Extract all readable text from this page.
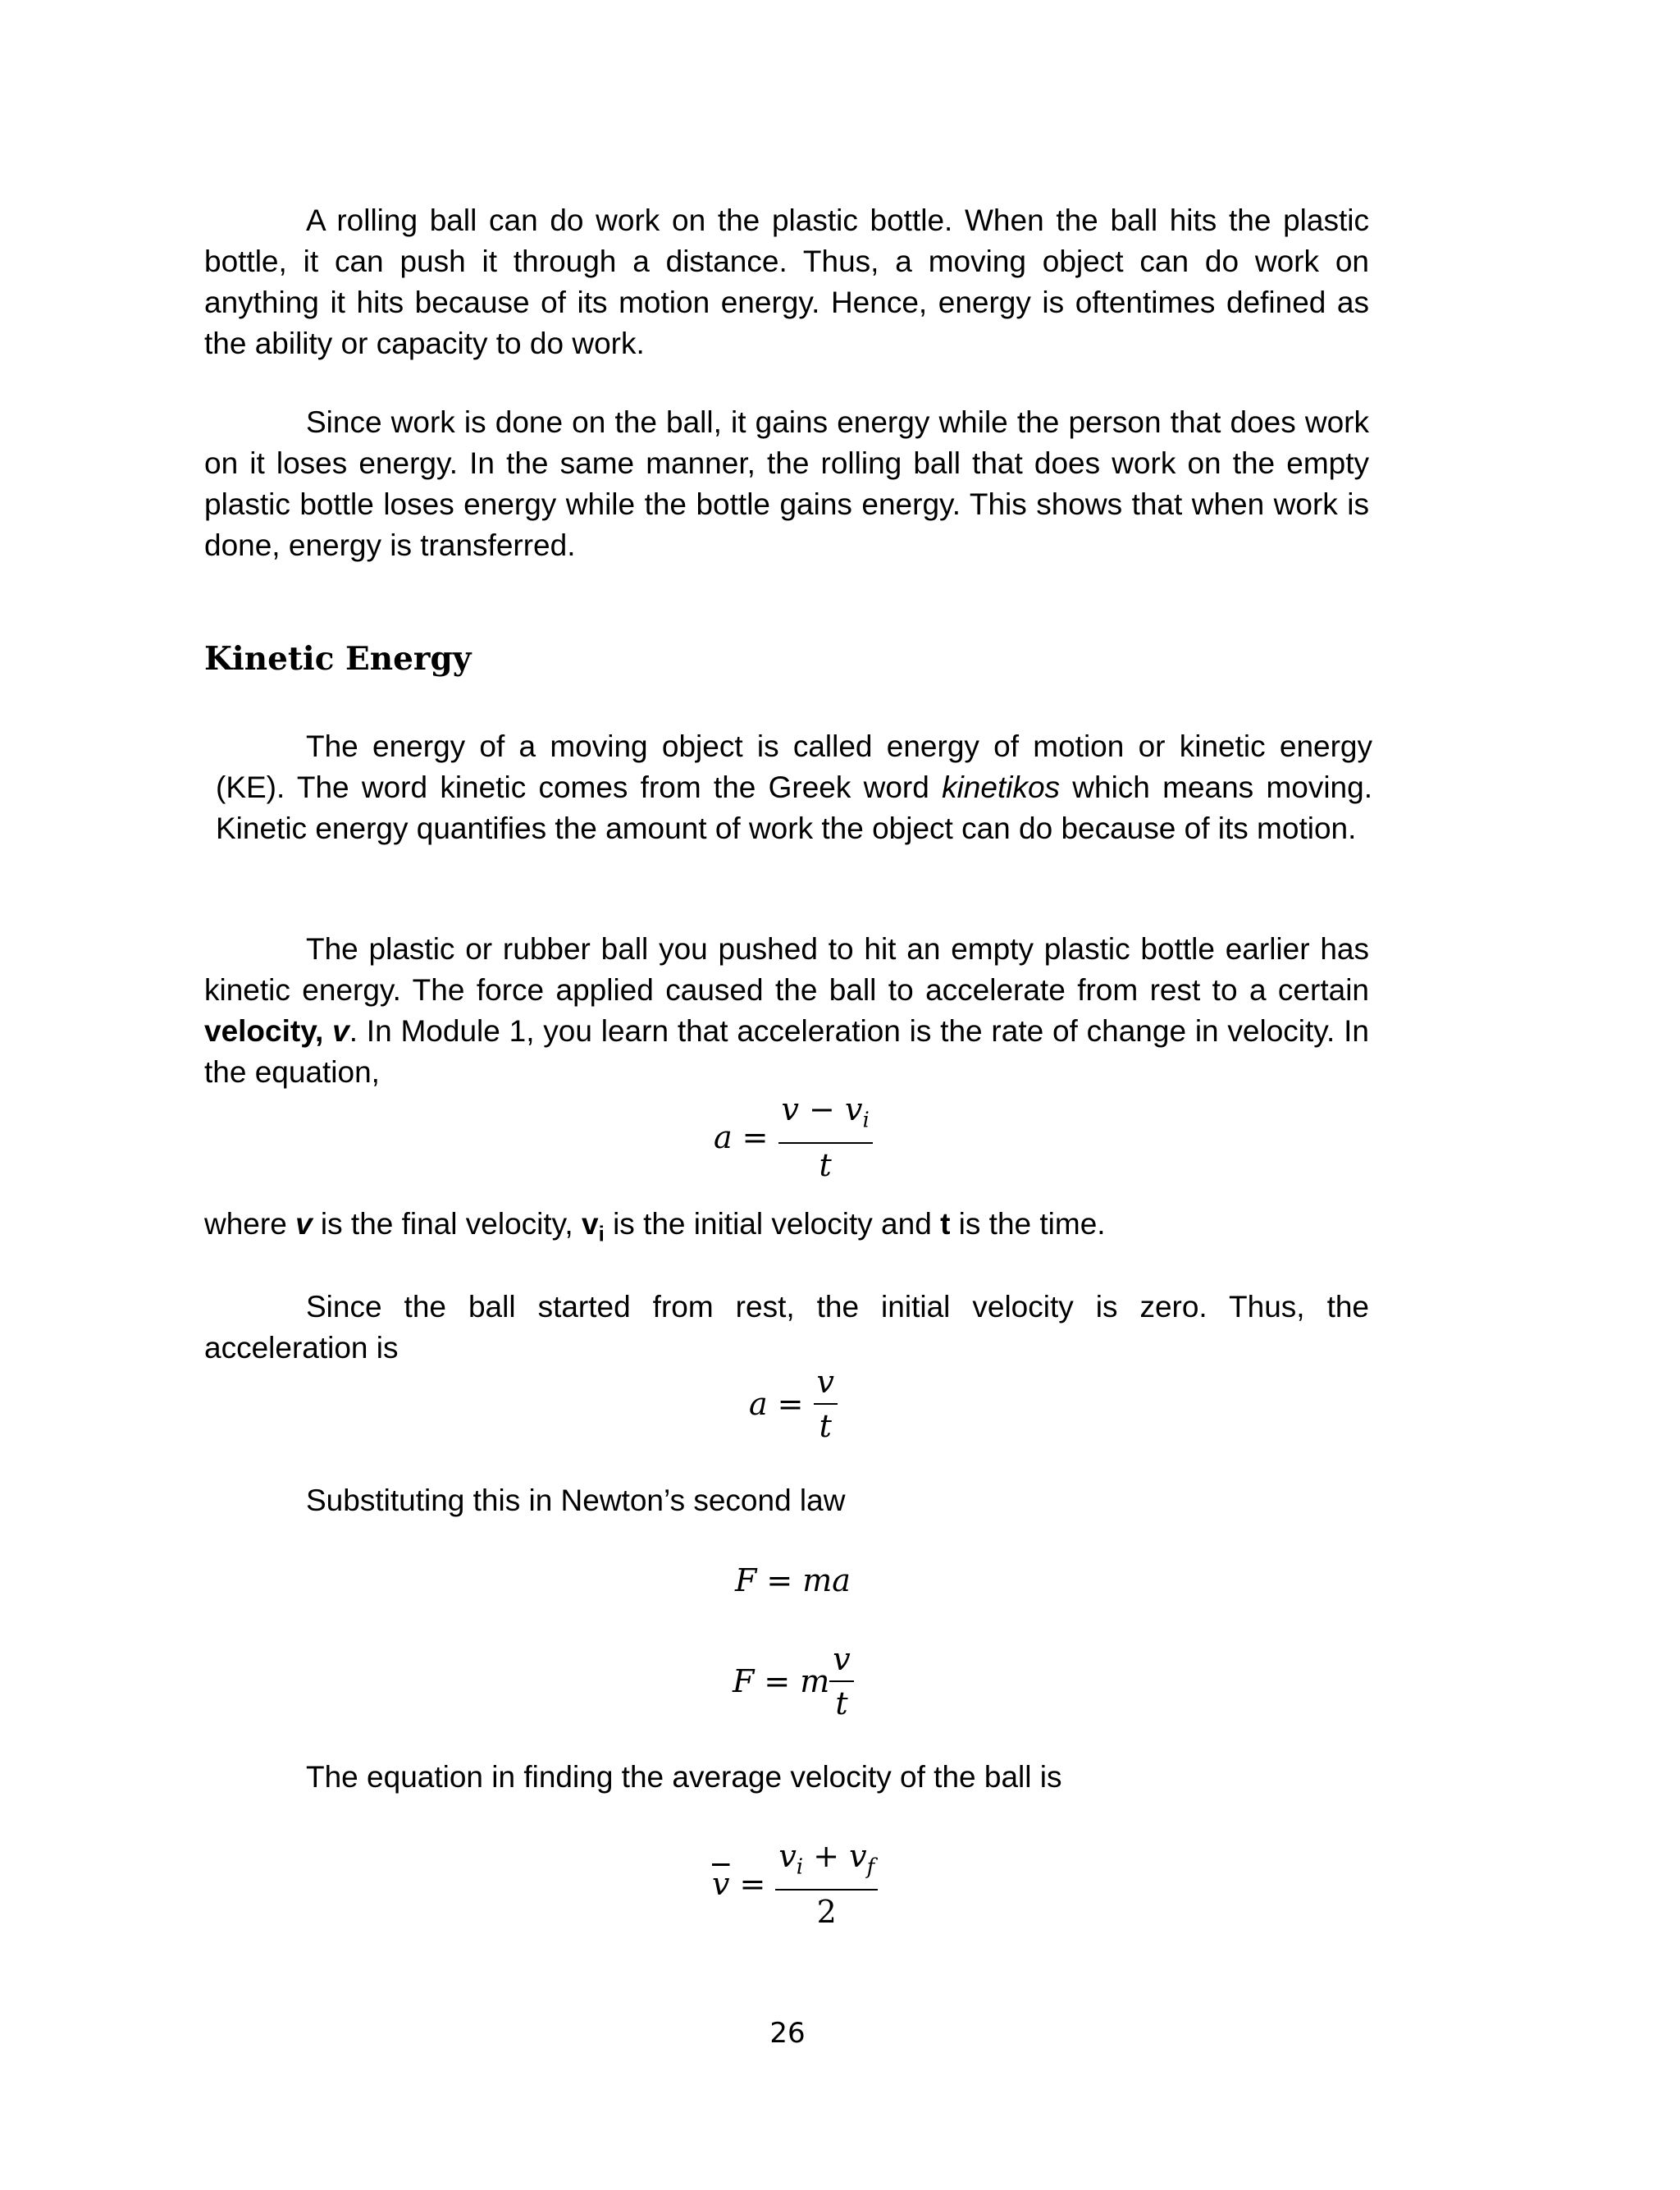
A rolling ball can do work on the plastic bottle. When the ball hits the plastic bottle, it can push it through a distance. Thus, a moving object can do work on anything it hits because of its motion energy. Hence, energy is oftentimes defined as the ability or capacity to do work.

Since work is done on the ball, it gains energy while the person that does work on it loses energy. In the same manner, the rolling ball that does work on the empty plastic bottle loses energy while the bottle gains energy. This shows that when work is done, energy is transferred.

Kinetic Energy

The energy of a moving object is called energy of motion or kinetic energy (KE). The word kinetic comes from the Greek word kinetikos which means moving. Kinetic energy quantifies the amount of work the object can do because of its motion.

The plastic or rubber ball you pushed to hit an empty plastic bottle earlier has kinetic energy. The force applied caused the ball to accelerate from rest to a certain velocity, v. In Module 1, you learn that acceleration is the rate of change in velocity. In the equation,

$a = \frac{v - v_i}{t}$

where v is the final velocity, $v_i$ is the initial velocity and t is the time.

Since the ball started from rest, the initial velocity is zero. Thus, the acceleration is

$a = \frac{v}{t}$

Substituting this in Newton’s second law

F = ma
F = m $\frac{v}{t}$

The equation in finding the average velocity of the ball is

$\overline{v} = \frac{v_i + v_f}{2}$
26
